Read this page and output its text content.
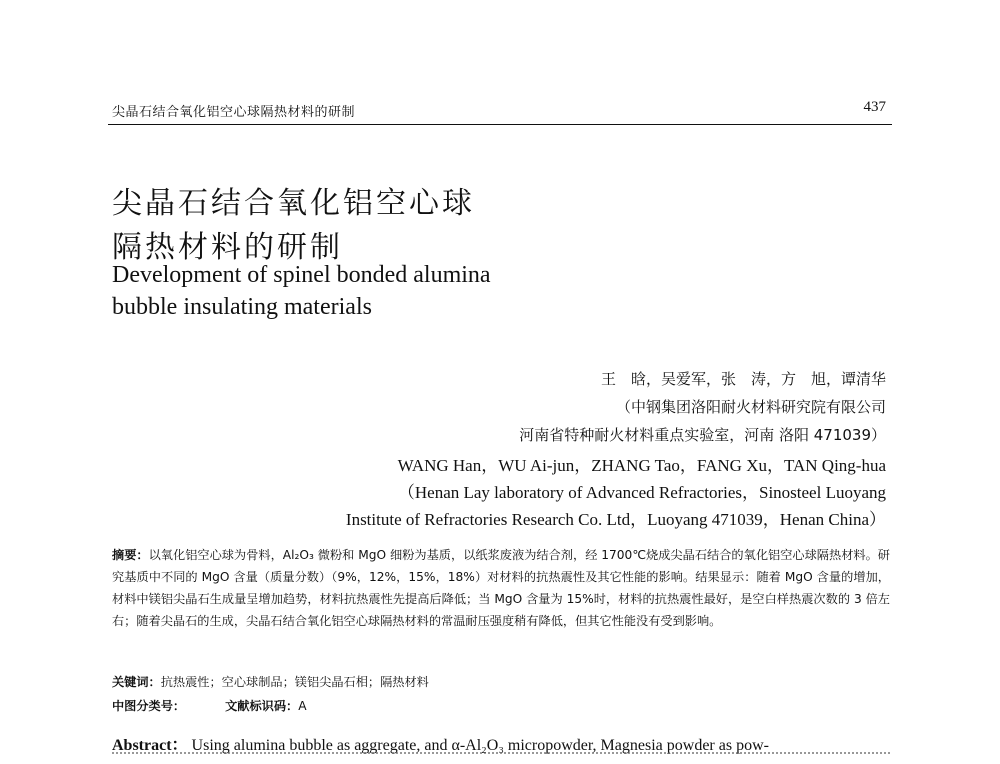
尖晶石结合氧化铝空心球隔热材料的研制	437
尖晶石结合氧化铝空心球
隔热材料的研制
Development of spinel bonded alumina
bubble insulating materials
王　晗，吴爱军，张　涛，方　旭，谭清华
（中钢集团洛阳耐火材料研究院有限公司
河南省特种耐火材料重点实验室，河南 洛阳 471039）
WANG Han，WU Ai-jun，ZHANG Tao，FANG Xu，TAN Qing-hua
（Henan Lay laboratory of Advanced Refractories，Sinosteel Luoyang
Institute of Refractories Research Co. Ltd，Luoyang 471039，Henan China）
摘要：以氧化铝空心球为骨料，Al₂O₃ 微粉和 MgO 细粉为基质，以纸浆废液为结合剂，经 1700℃烧成尖晶石结合的氧化铝空心球隔热材料。研究基质中不同的 MgO 含量（质量分数）（9%，12%，15%，18%）对材料的抗热震性及其它性能的影响。结果显示：随着 MgO 含量的增加，材料中镁铝尖晶石生成量呈增加趋势，材料抗热震性先提高后降低；当 MgO 含量为 15%时，材料的抗热震性最好，是空白样热震次数的 3 倍左右；随着尖晶石的生成，尖晶石结合氧化铝空心球隔热材料的常温耐压强度稍有降低，但其它性能没有受到影响。
关键词：抗热震性；空心球制品；镁铝尖晶石相；隔热材料
中图分类号：	文献标识码：A
Abstract： Using alumina bubble as aggregate, and α-Al₂O₃ micropowder, Magnesia powder as pow-
